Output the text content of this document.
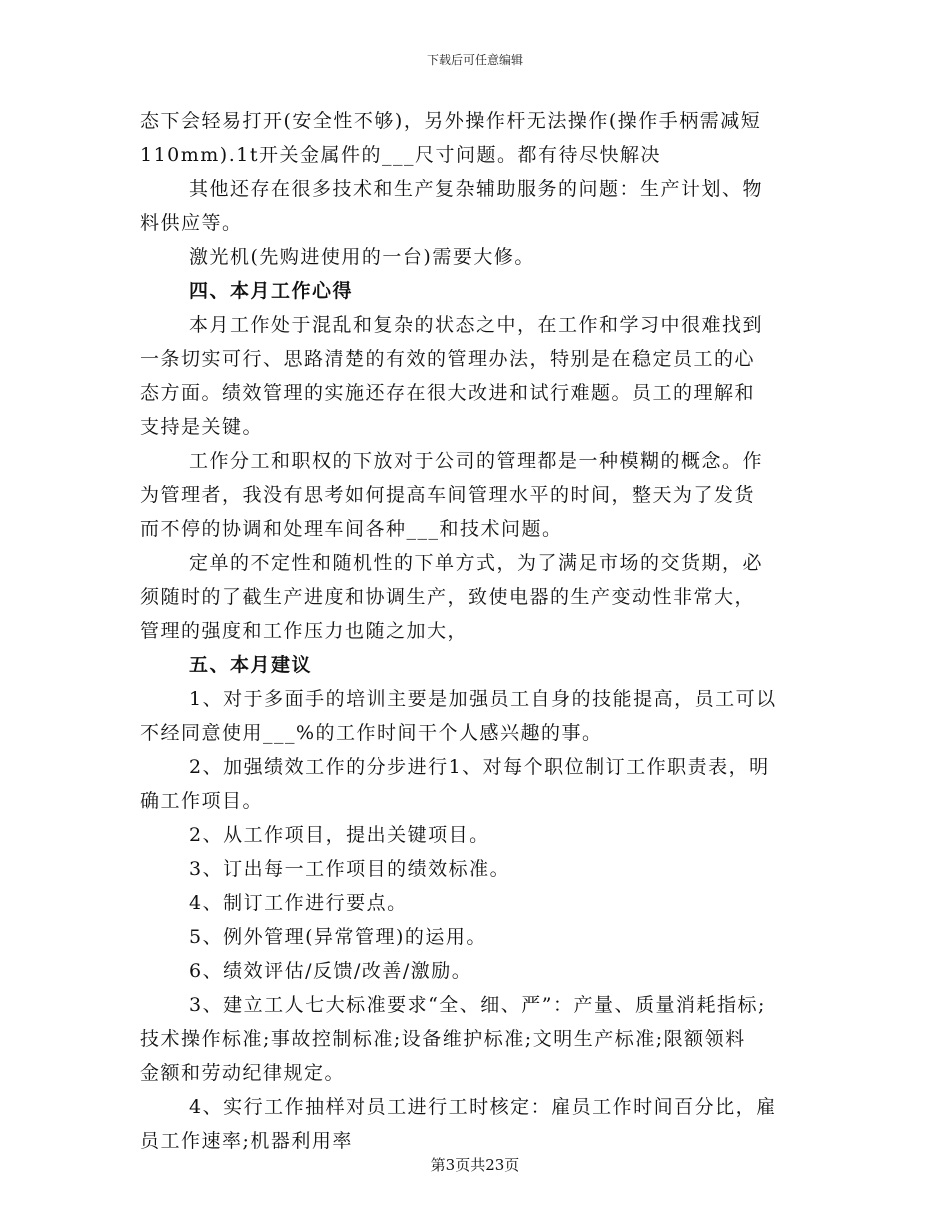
下载后可任意编辑
态下会轻易打开(安全性不够)，另外操作杆无法操作(操作手柄需减短
110mm).1t开关金属件的___尺寸问题。都有待尽快解决
其他还存在很多技术和生产复杂辅助服务的问题：生产计划、物
料供应等。
激光机(先购进使用的一台)需要大修。
四、本月工作心得
本月工作处于混乱和复杂的状态之中，在工作和学习中很难找到
一条切实可行、思路清楚的有效的管理办法，特别是在稳定员工的心
态方面。绩效管理的实施还存在很大改进和试行难题。员工的理解和
支持是关键。
工作分工和职权的下放对于公司的管理都是一种模糊的概念。作
为管理者，我没有思考如何提高车间管理水平的时间，整天为了发货
而不停的协调和处理车间各种___和技术问题。
定单的不定性和随机性的下单方式，为了满足市场的交货期，必
须随时的了截生产进度和协调生产，致使电器的生产变动性非常大，
管理的强度和工作压力也随之加大，
五、本月建议
1、对于多面手的培训主要是加强员工自身的技能提高，员工可以
不经同意使用___%的工作时间干个人感兴趣的事。
2、加强绩效工作的分步进行1、对每个职位制订工作职责表，明
确工作项目。
2、从工作项目，提出关键项目。
3、订出每一工作项目的绩效标准。
4、制订工作进行要点。
5、例外管理(异常管理)的运用。
6、绩效评估/反馈/改善/激励。
3、建立工人七大标准要求“全、细、严”：产量、质量消耗指标;
技术操作标准;事故控制标准;设备维护标准;文明生产标准;限额领料
金额和劳动纪律规定。
4、实行工作抽样对员工进行工时核定：雇员工作时间百分比，雇
员工作速率;机器利用率
第3页共23页
